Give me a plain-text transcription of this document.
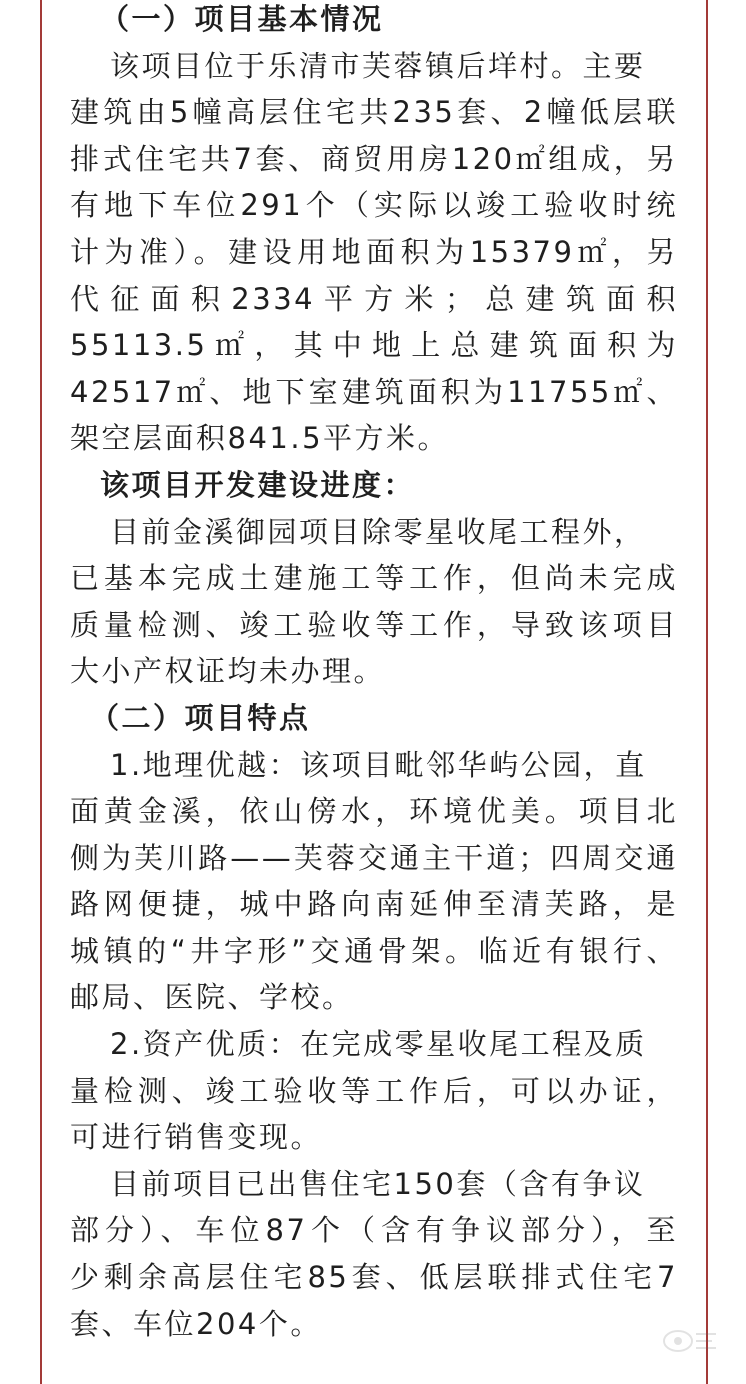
（一）项目基本情况
该项目位于乐清市芙蓉镇后垟村。主要
建筑由5幢高层住宅共235套、2幢低层联
排式住宅共7套、商贸用房120㎡组成，另
有地下车位291个（实际以竣工验收时统
计为准）。建设用地面积为15379㎡，另
代征面积2334平方米；总建筑面积
55113.5㎡，其中地上总建筑面积为
42517㎡、地下室建筑面积为11755㎡、
架空层面积841.5平方米。
该项目开发建设进度：
目前金溪御园项目除零星收尾工程外，
已基本完成土建施工等工作，但尚未完成
质量检测、竣工验收等工作，导致该项目
大小产权证均未办理。
（二）项目特点
1.地理优越：该项目毗邻华屿公园，直
面黄金溪，依山傍水，环境优美。项目北
侧为芙川路——芙蓉交通主干道；四周交通
路网便捷，城中路向南延伸至清芙路，是
城镇的“井字形”交通骨架。临近有银行、
邮局、医院、学校。
2.资产优质：在完成零星收尾工程及质
量检测、竣工验收等工作后，可以办证，
可进行销售变现。
目前项目已出售住宅150套（含有争议
部分）、车位87个（含有争议部分），至
少剩余高层住宅85套、低层联排式住宅7
套、车位204个。
